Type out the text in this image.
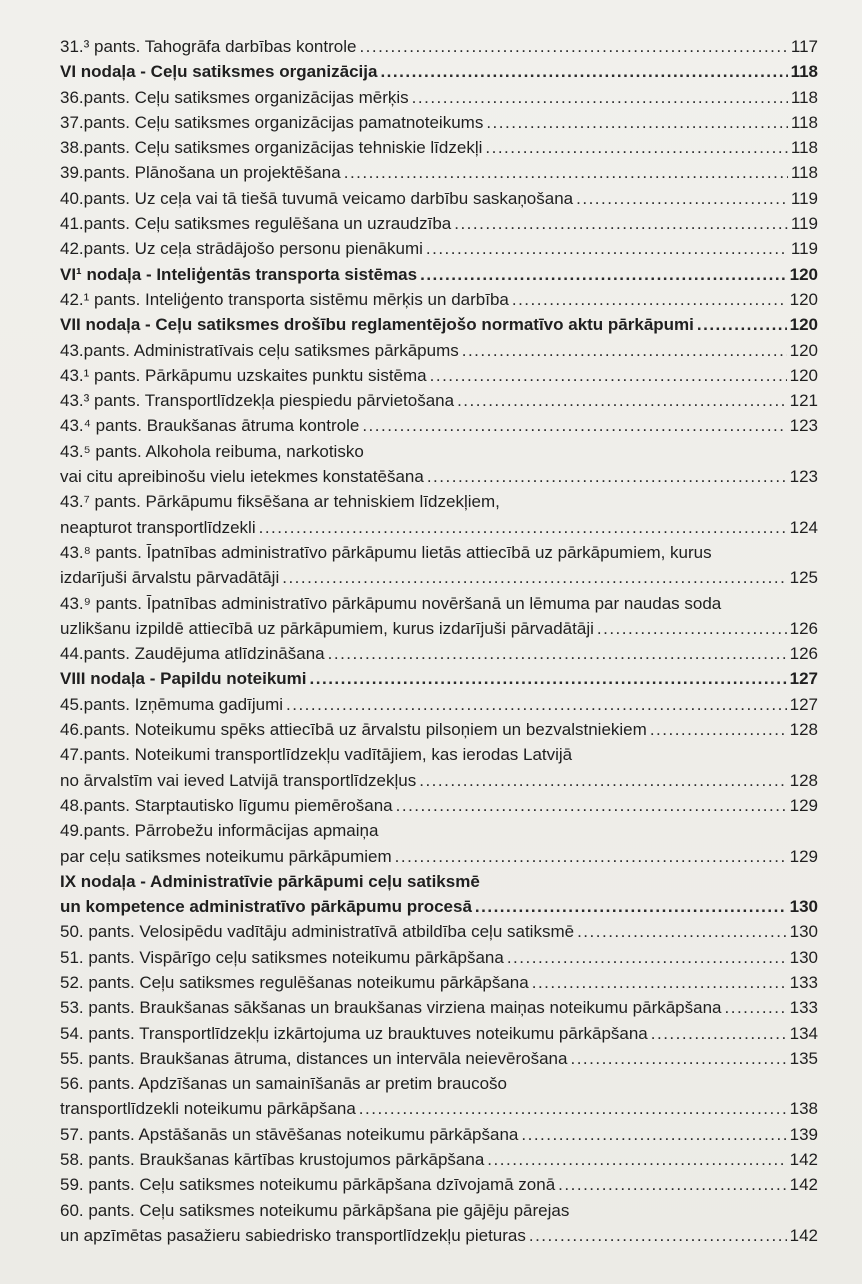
31.³ pants. Tahogrāfa darbības kontrole .....	117
VI nodaļa - Ceļu satiksmes organizācija .....	118
36.pants. Ceļu satiksmes organizācijas mērķis .....	118
37.pants. Ceļu satiksmes organizācijas pamatnoteikums .....	118
38.pants. Ceļu satiksmes organizācijas tehniskie līdzekļi .....	118
39.pants. Plānošana un projektēšana .....	118
40.pants. Uz ceļa vai tā tiešā tuvumā veicamo darbību saskaņošana .....	119
41.pants. Ceļu satiksmes regulēšana un uzraudzība .....	119
42.pants. Uz ceļa strādājošo personu pienākumi .....	119
VI¹ nodaļa - Inteliģentās transporta sistēmas .....	120
42.¹ pants. Inteliģento transporta sistēmu mērķis un darbība .....	120
VII nodaļa - Ceļu satiksmes drošību reglamentējošo normatīvo aktu pārkāpumi .....	120
43.pants. Administratīvais ceļu satiksmes pārkāpums .....	120
43.¹ pants. Pārkāpumu uzskaites punktu sistēma .....	120
43.³ pants. Transportlīdzekļa piespiedu pārvietošana .....	121
43.⁴ pants. Braukšanas ātruma kontrole .....	123
43.⁵ pants. Alkohola reibuma, narkotisko
vai citu apreibinošu vielu ietekmes konstatēšana .....	123
43.⁷ pants. Pārkāpumu fiksēšana ar tehniskiem līdzekļiem,
neapturot transportlīdzekli .....	124
43.⁸ pants. Īpatnības administratīvo pārkāpumu lietās attiecībā uz pārkāpumiem, kurus
izdarījuši ārvalstu pārvadātāji .....	125
43.⁹ pants. Īpatnības administratīvo pārkāpumu novēršanā un lēmuma par naudas soda
uzlikšanu izpildē attiecībā uz pārkāpumiem, kurus izdarījuši pārvadātāji .....	126
44.pants. Zaudējuma atlīdzināšana .....	126
VIII nodaļa - Papildu noteikumi .....	127
45.pants. Izņēmuma gadījumi .....	127
46.pants. Noteikumu spēks attiecībā uz ārvalstu pilsoņiem un bezvalstniekiem .....	128
47.pants. Noteikumi transportlīdzekļu vadītājiem, kas ierodas Latvijā
no ārvalstīm vai ieved Latvijā transportlīdzekļus .....	128
48.pants. Starptautisko līgumu piemērošana .....	129
49.pants. Pārrobežu informācijas apmaiņa
par ceļu satiksmes noteikumu pārkāpumiem .....	129
IX nodaļa - Administratīvie pārkāpumi ceļu satiksmē
un kompetence administratīvo pārkāpumu procesā .....	130
50. pants. Velosipēdu vadītāju administratīvā atbildība ceļu satiksmē .....	130
51. pants. Vispārīgo ceļu satiksmes noteikumu pārkāpšana .....	130
52. pants. Ceļu satiksmes regulēšanas noteikumu pārkāpšana .....	133
53. pants. Braukšanas sākšanas un braukšanas virziena maiņas noteikumu pārkāpšana .....	133
54. pants. Transportlīdzekļu izkārtojuma uz brauktuves noteikumu pārkāpšana .....	134
55. pants. Braukšanas ātruma, distances un intervāla neievērošana .....	135
56. pants. Apdzīšanas un samainīšanās ar pretim braucošo
transportlīdzekli noteikumu pārkāpšana .....	138
57. pants. Apstāšanās un stāvēšanas noteikumu pārkāpšana .....	139
58. pants. Braukšanas kārtības krustojumos pārkāpšana .....	142
59. pants. Ceļu satiksmes noteikumu pārkāpšana dzīvojamā zonā .....	142
60. pants. Ceļu satiksmes noteikumu pārkāpšana pie gājēju pārejas
un apzīmētas pasažieru sabiedrisko transportlīdzekļu pieturas .....	142
